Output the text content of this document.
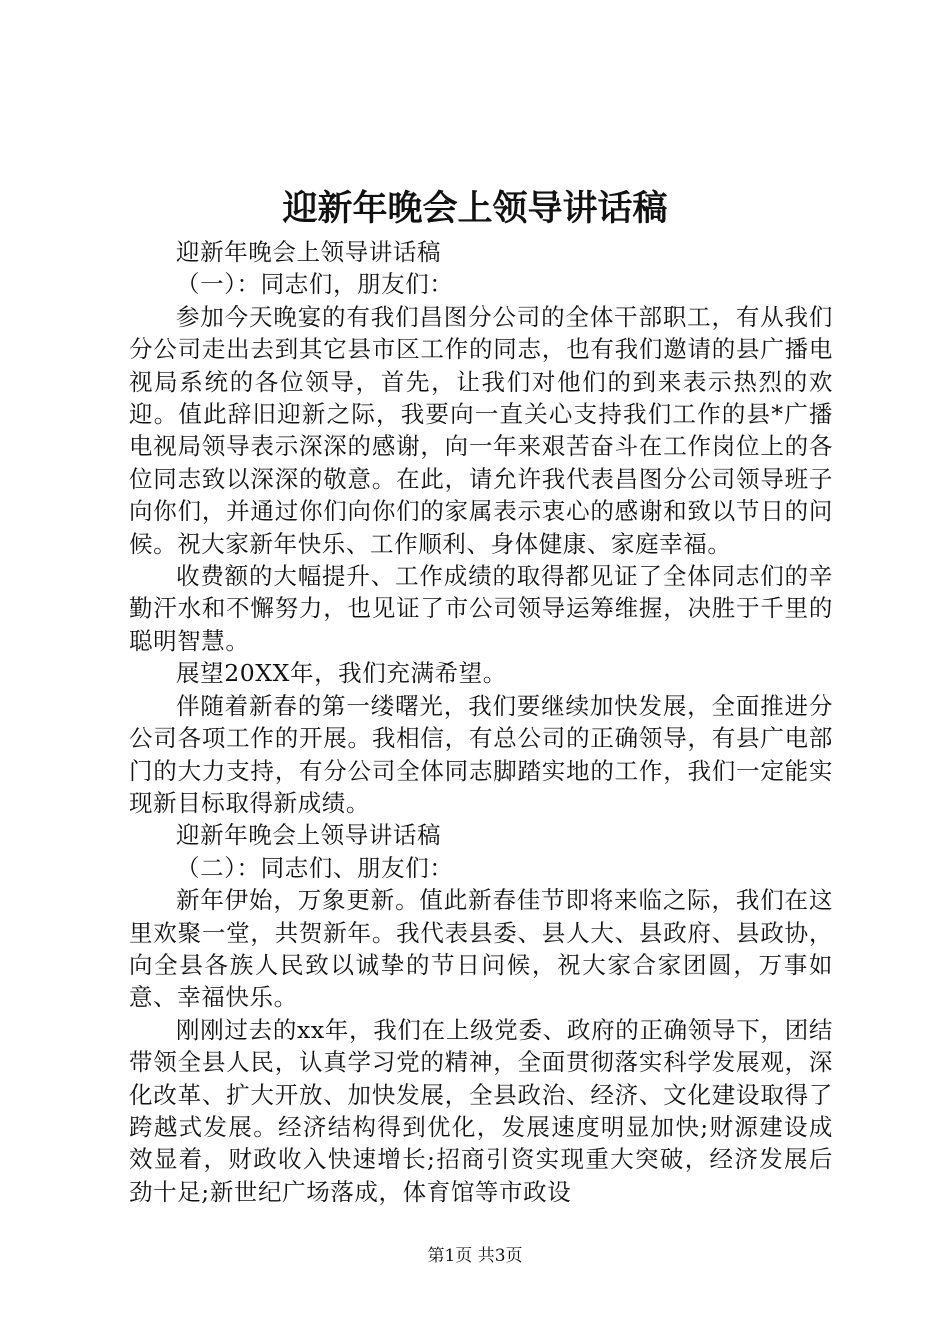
迎新年晚会上领导讲话稿

迎新年晚会上领导讲话稿

（一）：同志们，朋友们：

参加今天晚宴的有我们昌图分公司的全体干部职工，有从我们分公司走出去到其它县市区工作的同志，也有我们邀请的县广播电视局系统的各位领导，首先，让我们对他们的到来表示热烈的欢迎。值此辞旧迎新之际，我要向一直关心支持我们工作的县*广播电视局领导表示深深的感谢，向一年来艰苦奋斗在工作岗位上的各位同志致以深深的敬意。在此，请允许我代表昌图分公司领导班子向你们，并通过你们向你们的家属表示衷心的感谢和致以节日的问候。祝大家新年快乐、工作顺利、身体健康、家庭幸福。

收费额的大幅提升、工作成绩的取得都见证了全体同志们的辛勤汗水和不懈努力，也见证了市公司领导运筹维握，决胜于千里的聪明智慧。

展望20XX年，我们充满希望。

伴随着新春的第一缕曙光，我们要继续加快发展，全面推进分公司各项工作的开展。我相信，有总公司的正确领导，有县广电部门的大力支持，有分公司全体同志脚踏实地的工作，我们一定能实现新目标取得新成绩。

迎新年晚会上领导讲话稿

（二）：同志们、朋友们：

新年伊始，万象更新。值此新春佳节即将来临之际，我们在这里欢聚一堂，共贺新年。我代表县委、县人大、县政府、县政协，向全县各族人民致以诚挚的节日问候，祝大家合家团圆，万事如意、幸福快乐。

刚刚过去的xx年，我们在上级党委、政府的正确领导下，团结带领全县人民，认真学习党的精神，全面贯彻落实科学发展观，深化改革、扩大开放、加快发展，全县政治、经济、文化建设取得了跨越式发展。经济结构得到优化，发展速度明显加快;财源建设成效显着，财政收入快速增长;招商引资实现重大突破，经济发展后劲十足;新世纪广场落成，体育馆等市政设

第1页 共3页
